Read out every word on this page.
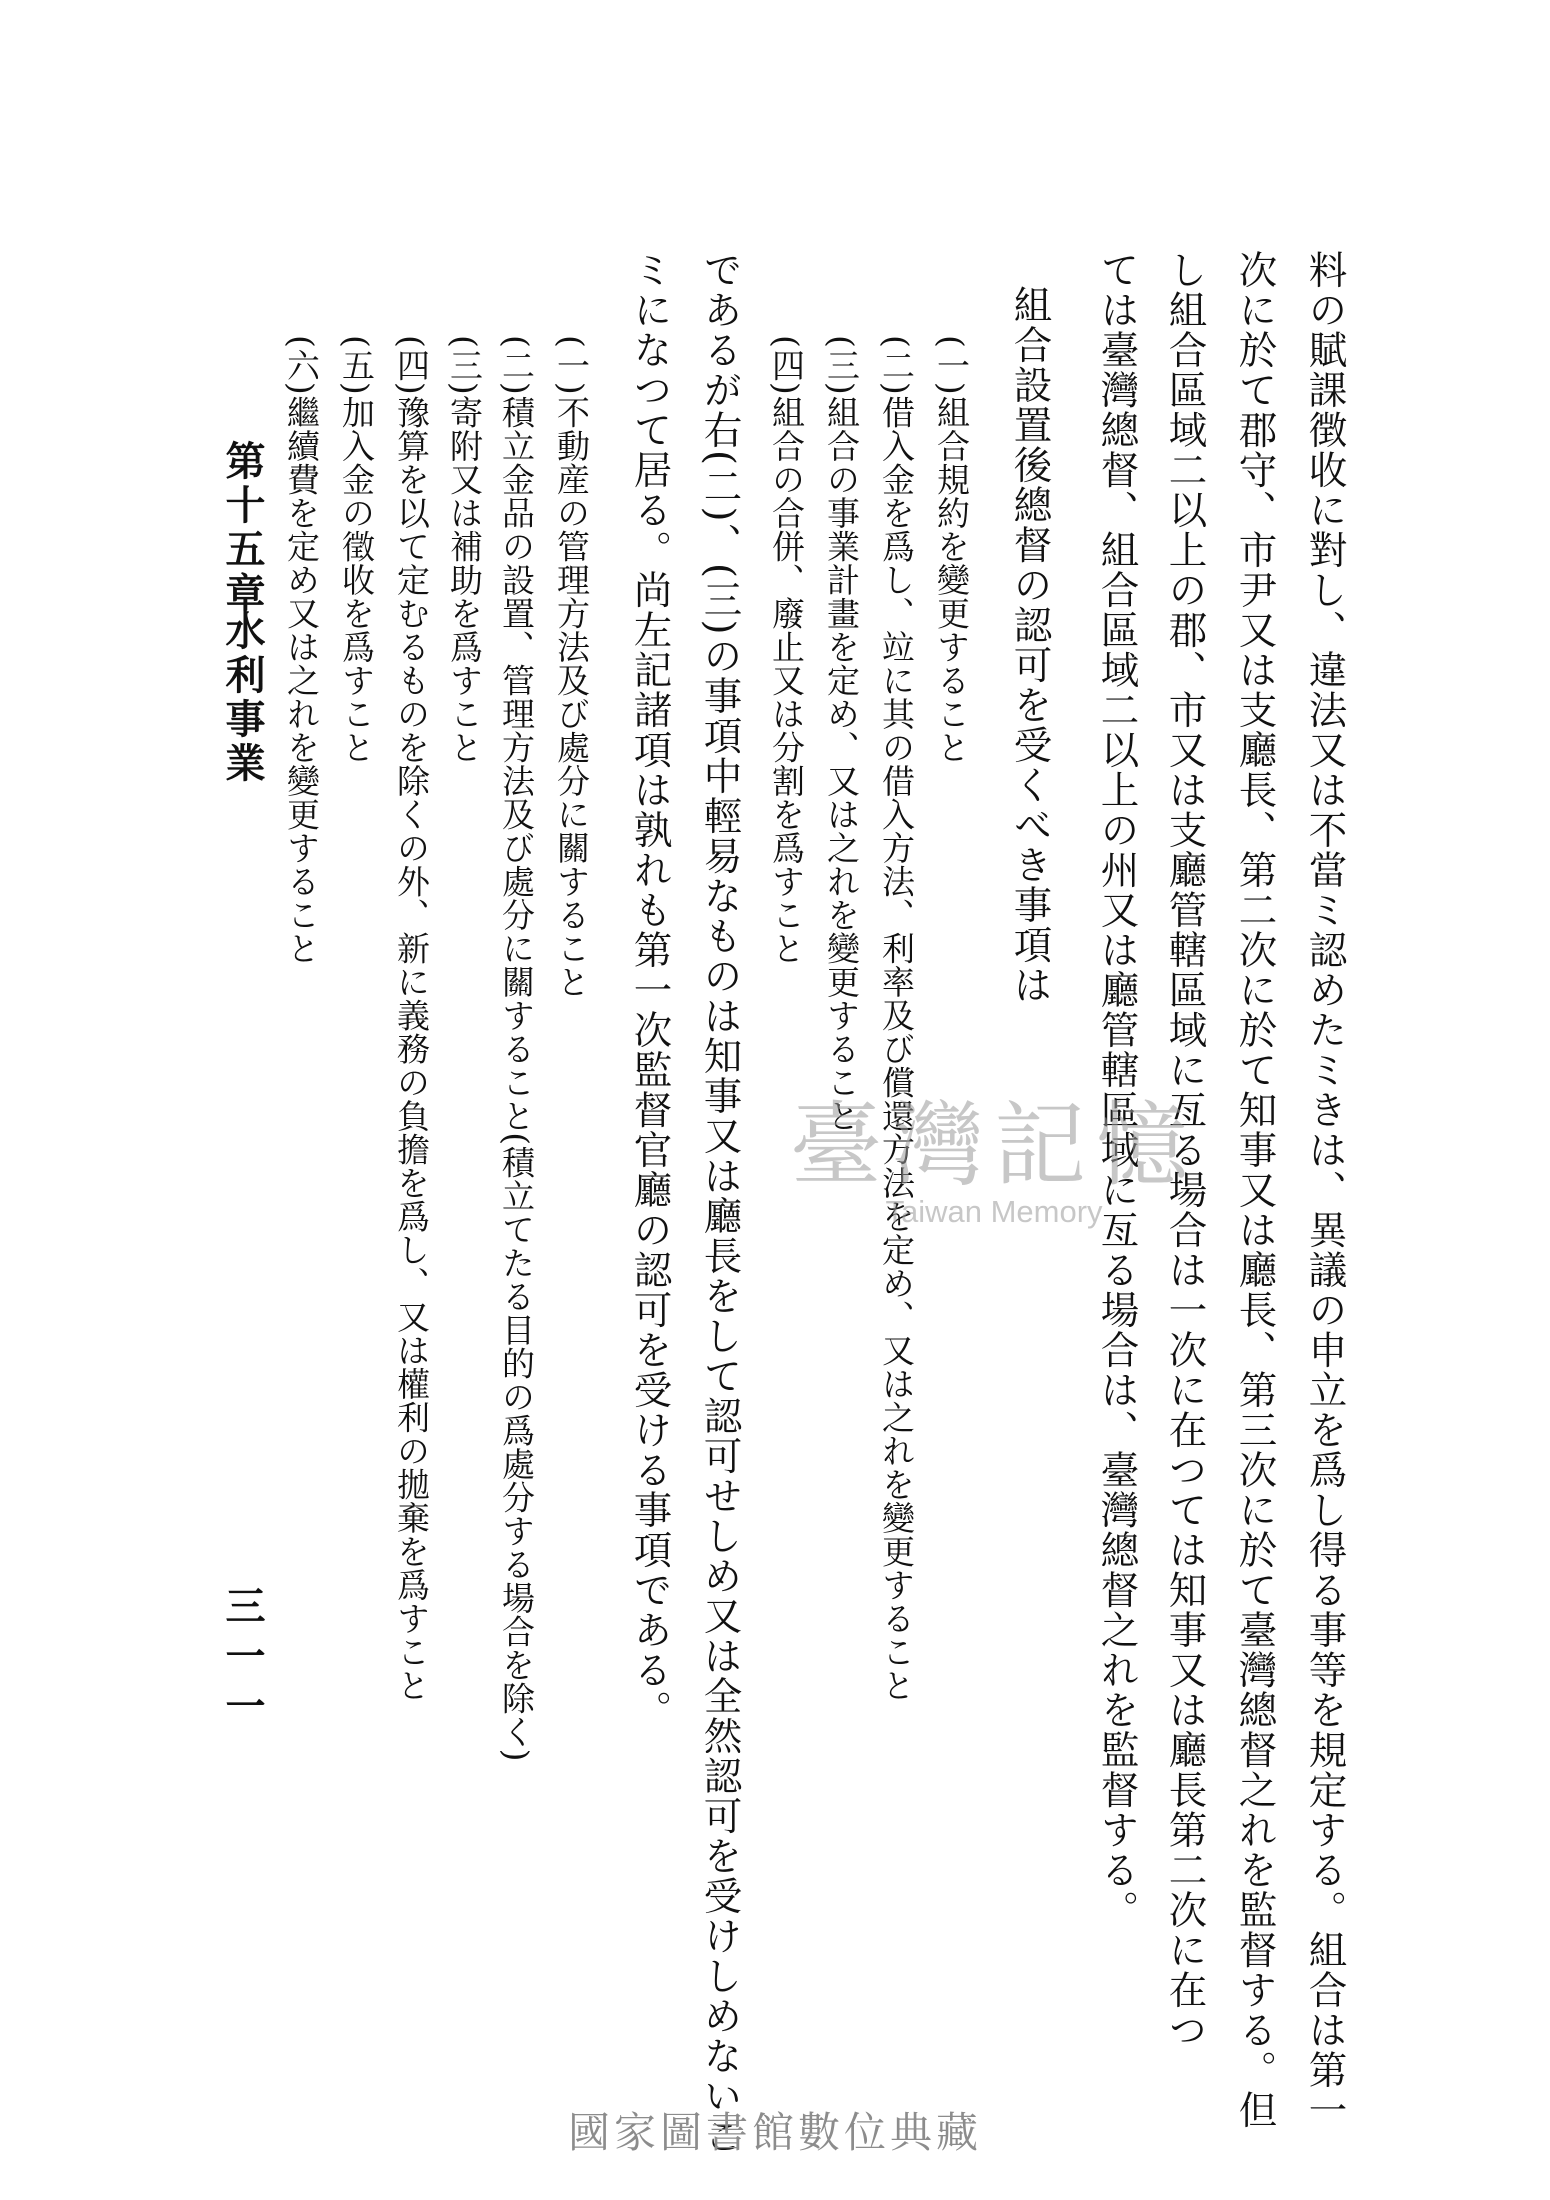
料の賦課徴收に對し、違法又は不當ミ認めたミきは、異議の申立を爲し得る事等を規定する。組合は第一
次に於て郡守、市尹又は支廳長、第二次に於て知事又は廳長、第三次に於て臺灣總督之れを監督する。但
し組合區域二以上の郡、市又は支廳管轄區域に亙る場合は一次に在つては知事又は廳長第二次に在つ
ては臺灣總督、組合區域二以上の州又は廳管轄區域に亙る場合は、臺灣總督之れを監督する。
組合設置後總督の認可を受くべき事項は
(一)組合規約を變更すること
(二)借入金を爲し、竝に其の借入方法、利率及び償還方法を定め、又は之れを變更すること
(三)組合の事業計畫を定め、又は之れを變更すること
(四)組合の合併、廢止又は分割を爲すこと
であるが右(二)、(三)の事項中輕易なものは知事又は廳長をして認可せしめ又は全然認可を受けしめないこ
ミになつて居る。尚左記諸項は孰れも第一次監督官廳の認可を受ける事項である。
(一)不動産の管理方法及び處分に關すること
(二)積立金品の設置、管理方法及び處分に關すること(積立てたる目的の爲處分する場合を除く)
(三)寄附又は補助を爲すこと
(四)豫算を以て定むるものを除くの外、新に義務の負擔を爲し、又は權利の拋棄を爲すこと
(五)加入金の徵收を爲すこと
(六)繼續費を定め又は之れを變更すること
第十五章
水利事業
三一一
臺灣記憶
Taiwan Memory
國家圖書館數位典藏
